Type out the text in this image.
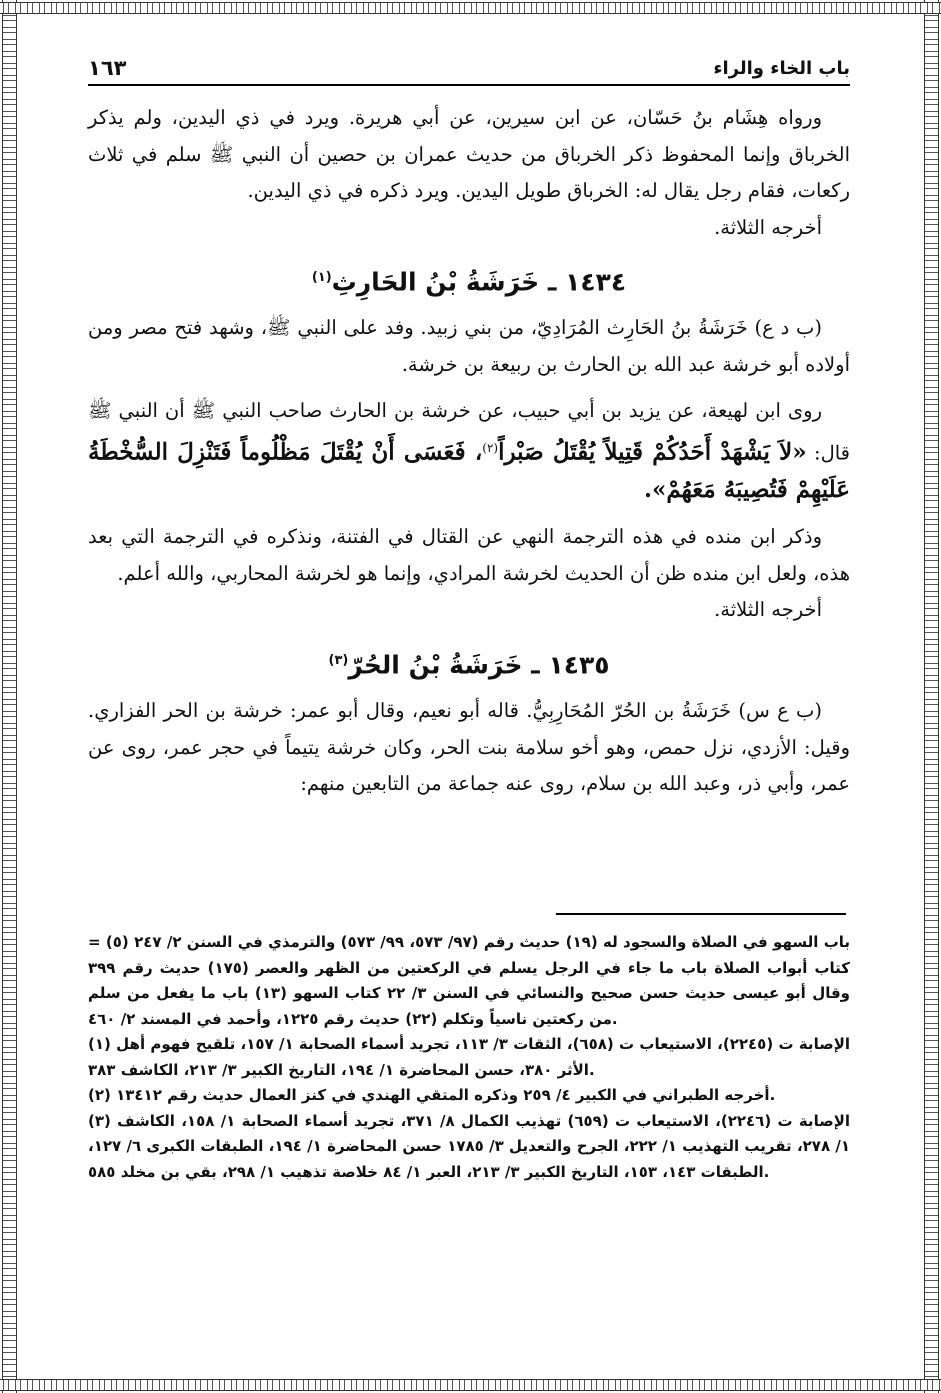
باب الخاء والراء
١٦٣

ورواه هِشَام بنُ حَسّان، عن ابن سيرين، عن أبي هريرة. ويرد في ذي اليدين، ولم يذكر الخرباق وإنما المحفوظ ذكر الخرباق من حديث عمران بن حصين أن النبي ﷺ سلم في ثلاث ركعات، فقام رجل يقال له: الخرباق طويل اليدين. ويرد ذكره في ذي اليدين.

أخرجه الثلاثة.

١٤٣٤ ـ خَرَشَةُ بْنُ الحَارِثِ$^{(١)}$

(ب د ع) خَرَشَةُ بنُ الحَارِث المُرَادِيّ، من بني زبيد. وفد على النبي ﷺ، وشهد فتح مصر ومن أولاده أبو خرشة عبد الله بن الحارث بن ربيعة بن خرشة.

روى ابن لهيعة، عن يزيد بن أبي حبيب، عن خرشة بن الحارث صاحب النبي ﷺ أن النبي ﷺ قال: «لاَ يَشْهَدْ أَحَدُكُمْ قَتِيلاً يُقْتَلُ صَبْراً$^{(٢)}$، فَعَسَى أَنْ يُقْتَلَ مَظْلُوماً فَتَنْزِلَ السُّخْطَةُ عَلَيْهِمْ فَتُصِيبَهُ مَعَهُمْ».

وذكر ابن منده في هذه الترجمة النهي عن القتال في الفتنة، ونذكره في الترجمة التي بعد هذه، ولعل ابن منده ظن أن الحديث لخرشة المرادي، وإنما هو لخرشة المحاربي، والله أعلم.

أخرجه الثلاثة.

١٤٣٥ ـ خَرَشَةُ بْنُ الحُرّ$^{(٣)}$

(ب ع س) خَرَشَةُ بن الحُرّ المُحَارِبِيُّ. قاله أبو نعيم، وقال أبو عمر: خرشة بن الحر الفزاري. وقيل: الأزدي، نزل حمص، وهو أخو سلامة بنت الحر، وكان خرشة يتيماً في حجر عمر، روى عن عمر، وأبي ذر، وعبد الله بن سلام، روى عنه جماعة من التابعين منهم:

= (٥) باب السهو في الصلاة والسجود له (١٩) حديث رقم (٩٧/ ٥٧٣، ٩٩/ ٥٧٣) والترمذي في السنن ٢/ ٢٤٧ كتاب أبواب الصلاة باب ما جاء في الرجل يسلم في الركعتين من الظهر والعصر (١٧٥) حديث رقم ٣٩٩ وقال أبو عيسى حديث حسن صحيح والنسائي في السنن ٣/ ٢٢ كتاب السهو (١٣) باب ما يفعل من سلم من ركعتين ناسياً وتكلم (٢٢) حديث رقم ١٢٢٥، وأحمد في المسند ٢/ ٤٦٠.

(١) الإصابة ت (٢٢٤٥)، الاستيعاب ت (٦٥٨)، الثقات ٣/ ١١٣، تجريد أسماء الصحابة ١/ ١٥٧، تلقيح فهوم أهل الأثر ٣٨٠، حسن المحاضرة ١/ ١٩٤، التاريخ الكبير ٣/ ٢١٣، الكاشف ٣٨٣.

(٢) أخرجه الطبراني في الكبير ٤/ ٢٥٩ وذكره المتقي الهندي في كنز العمال حديث رقم ١٣٤١٢.

(٣) الإصابة ت (٢٢٤٦)، الاستيعاب ت (٦٥٩) تهذيب الكمال ٨/ ٣٧١، تجريد أسماء الصحابة ١/ ١٥٨، الكاشف ١/ ٢٧٨، تقريب التهذيب ١/ ٢٢٢، الجرح والتعديل ٣/ ١٧٨٥ حسن المحاضرة ١/ ١٩٤، الطبقات الكبرى ٦/ ١٢٧، الطبقات ١٤٣، ١٥٣، التاريخ الكبير ٣/ ٢١٣، العبر ١/ ٨٤ خلاصة تذهيب ١/ ٢٩٨، بقي بن مخلد ٥٨٥.
